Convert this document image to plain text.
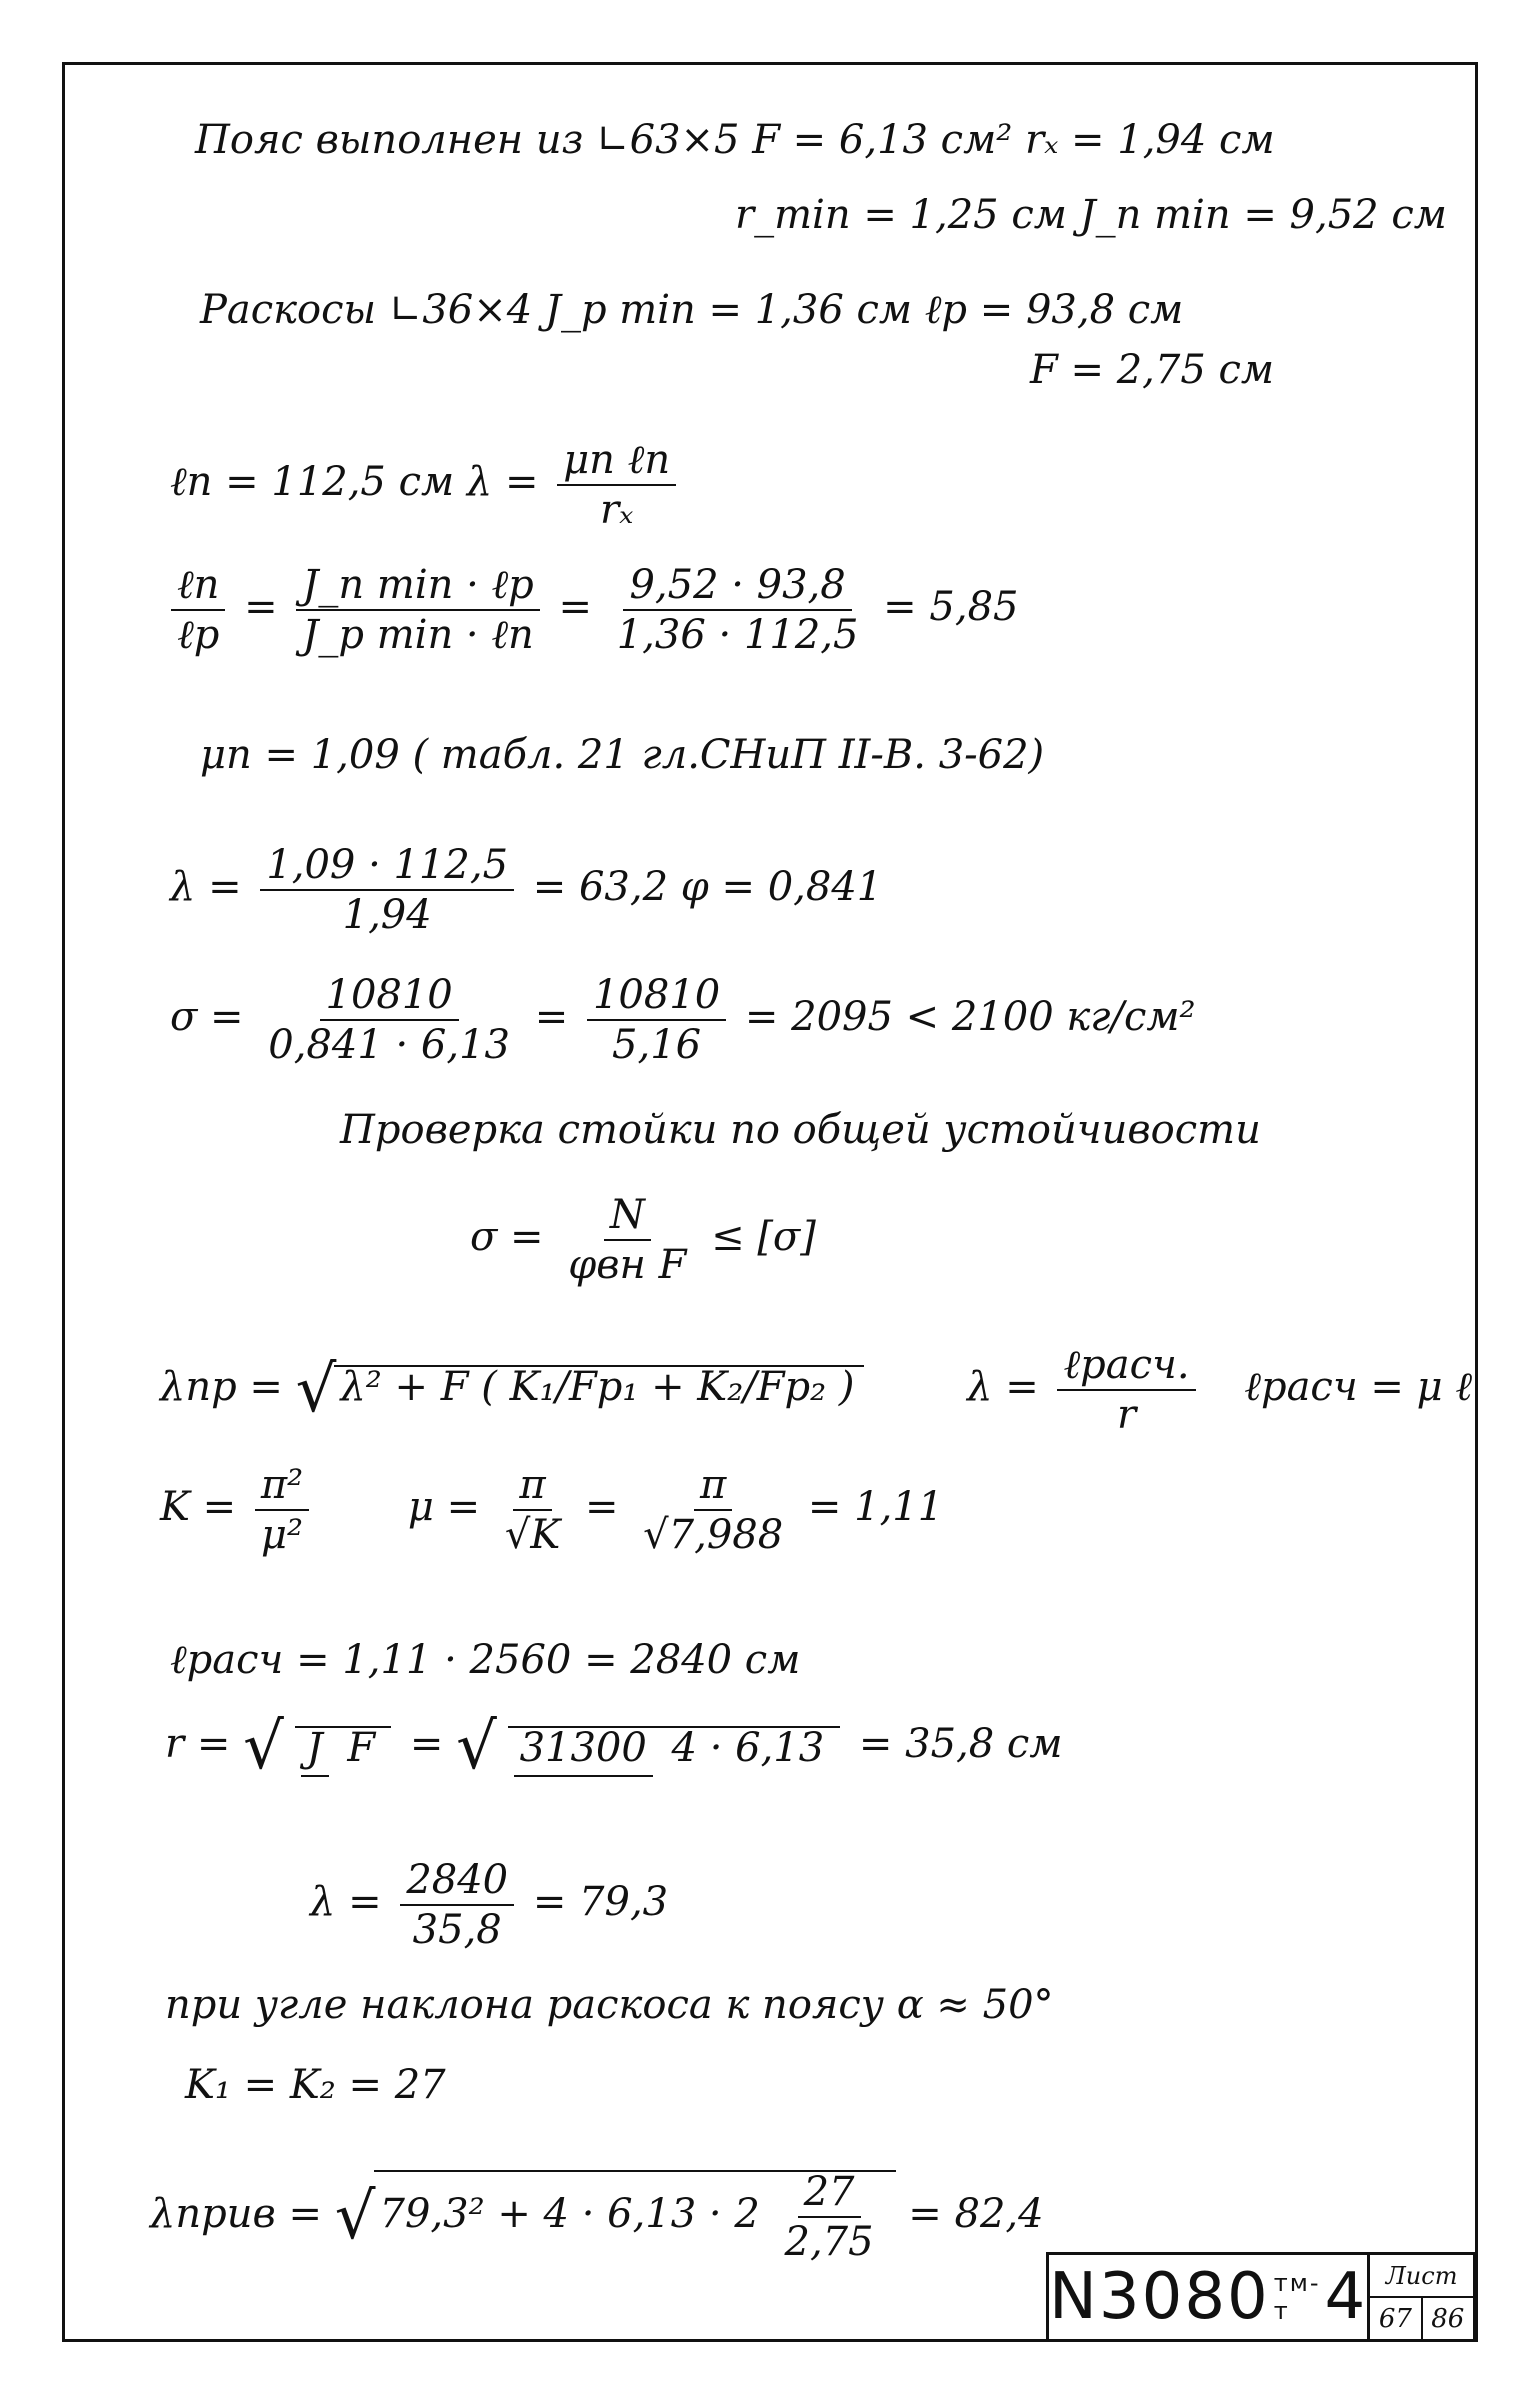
Пояс выполнен из ∟63×5 F = 6,13 см² rₓ = 1,94 см
r_min = 1,25 см J_n min = 9,52 см
Раскосы ∟36×4 J_p min = 1,36 см ℓp = 93,8 см
F = 2,75 см
ℓn = 112,5 см $\lambda = \frac{\text{μn ℓn}}{\text{rₓ}}$
$\frac{\text{ℓn}}{\text{ℓp}} = \frac{\text{J\_n min · ℓp}}{\text{J\_p min · ℓn}} = \frac{9,52 \cdot 93,8}{1,36 \cdot 112,5} = 5,85$
μn = 1,09 ( табл. 21 гл.СНиП II-В. 3-62)
$\lambda = \frac{1,09 \cdot 112,5}{1,94} = 63,2$ φ = 0,841
$\sigma = \frac{10810}{0,841 \cdot 6,13} = \frac{10810}{5,16} = 2095 < 2100$ кг/см²
Проверка стойки по общей устойчивости
$\sigma = \frac{N}{\text{φвн F}} \le [\sigma]$
λпр = √ λ² + F ( K₁/Fp₁ + K₂/Fp₂ )	$\lambda = \frac{\text{ℓрасч.}}{r}$ ℓрасч = μ ℓ
$K = \frac{\text{π²}}{\text{μ²}}$ $\mu = \frac{\pi}{√K} = \frac{\pi}{√7,988} = 1,11$
ℓрасч = 1,11 · 2560 = 2840 см
r = √ J F = √ 31300 4 · 6,13 = 35,8 см
$\lambda = \frac{2840}{35,8} = 79,3$
при угле наклона раскоса к поясу α ≈ 50°
K₁ = K₂ = 27
λприв = √ $79,3^2 + 4 \cdot 6,13 \cdot 2 \frac{27}{2,75} = 82,4$
N3080 тм-т 4 Лист
67 86
